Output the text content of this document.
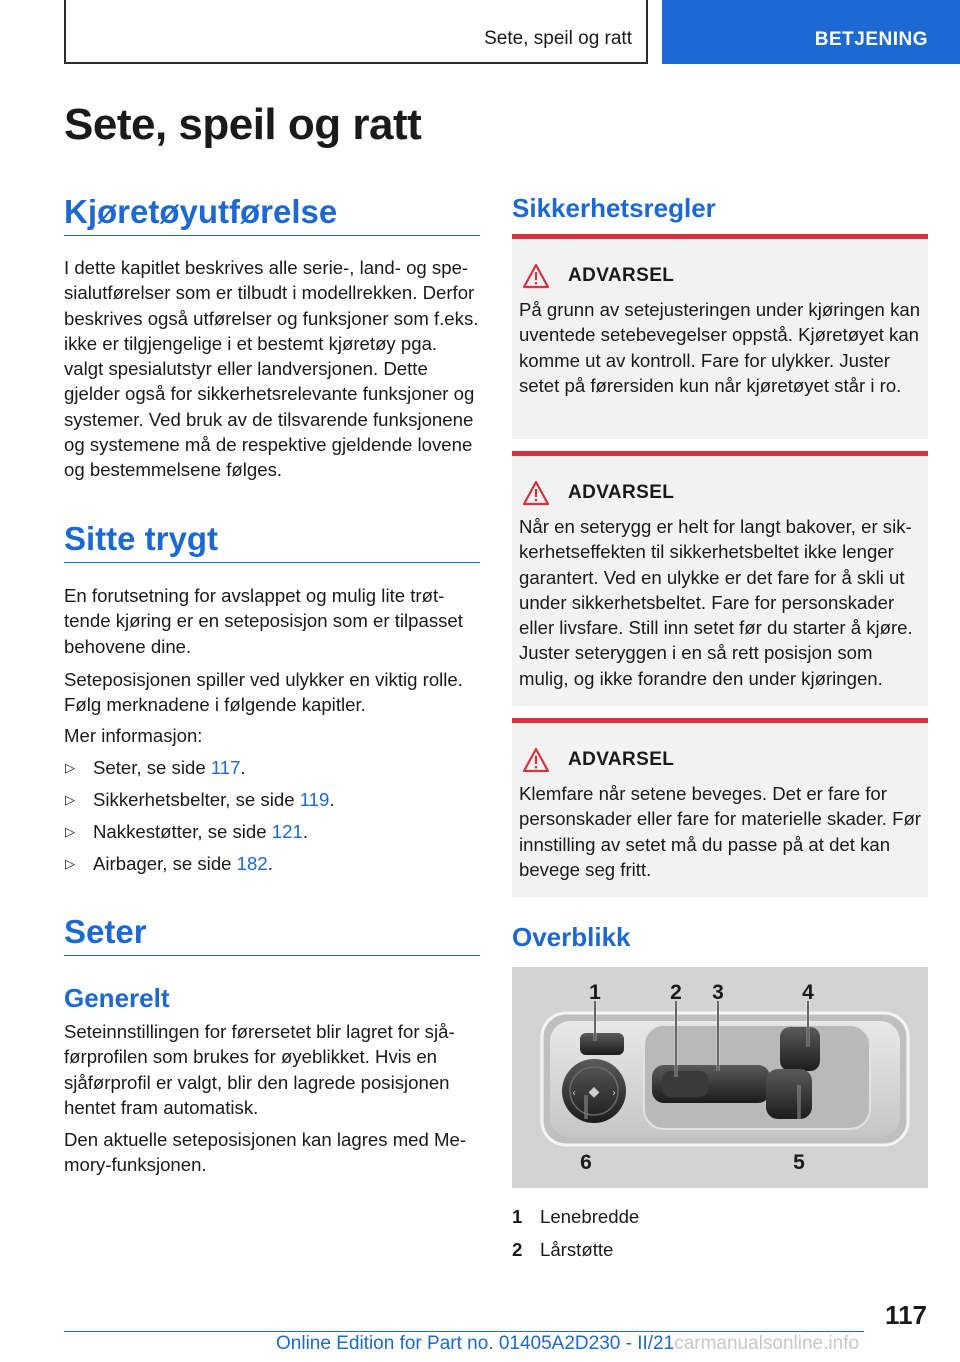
Sete, speil og ratt	BETJENING
Sete, speil og ratt
Kjøretøyutførelse

I dette kapitlet beskrives alle serie-, land- og spesialutførelser som er tilbudt i modellrekken. Derfor beskrives også utførelser og funksjoner som f.eks. ikke er tilgjengelige i et bestemt kjøretøy pga. valgt spesialutstyr eller landversjonen. Dette gjelder også for sikkerhetsrelevante funksjoner og systemer. Ved bruk av de tilsvarende funksjonene og systemene må de respektive gjeldende lovene og bestemmelsene følges.

Sitte trygt

En forutsetning for avslappet og mulig lite trøttende kjøring er en seteposisjon som er tilpasset behovene dine.

Seteposisjonen spiller ved ulykker en viktig rolle. Følg merknadene i følgende kapitler.

Mer informasjon:

▷ Seter, se side 117.
▷ Sikkerhetsbelter, se side 119.
▷ Nakkestøtter, se side 121.
▷ Airbager, se side 182.
Seter
Generelt

Seteinnstillingen for førersetet blir lagret for sjåførprofilen som brukes for øyeblikket. Hvis en sjåførprofil er valgt, blir den lagrede posisjonen hentet fram automatisk.

Den aktuelle seteposisjonen kan lagres med Memory-funksjonen.

Sikkerhetsregler
ADVARSEL

På grunn av setejusteringen under kjøringen kan uventede setebevegelser oppstå. Kjøretøyet kan komme ut av kontroll. Fare for ulykker. Juster setet på førersiden kun når kjøretøyet står i ro.

ADVARSEL

Når en seterygg er helt for langt bakover, er sikkerhetseffekten til sikkerhetsbeltet ikke lenger garantert. Ved en ulykke er det fare for å skli ut under sikkerhetsbeltet. Fare for personskader eller livsfare. Still inn setet før du starter å kjøre. Juster seteryggen i en så rett posisjon som mulig, og ikke forandre den under kjøringen.

ADVARSEL

Klemfare når setene beveges. Det er fare for personskader eller fare for materielle skader. Før innstilling av setet må du passe på at det kan bevege seg fritt.

Overblikk
◆
‹	›
1	2 3	4
5
6
1 Lenebredde
2 Lårstøtte
117
Online Edition for Part no. 01405A2D230 - II/21carmanualsonline.info
